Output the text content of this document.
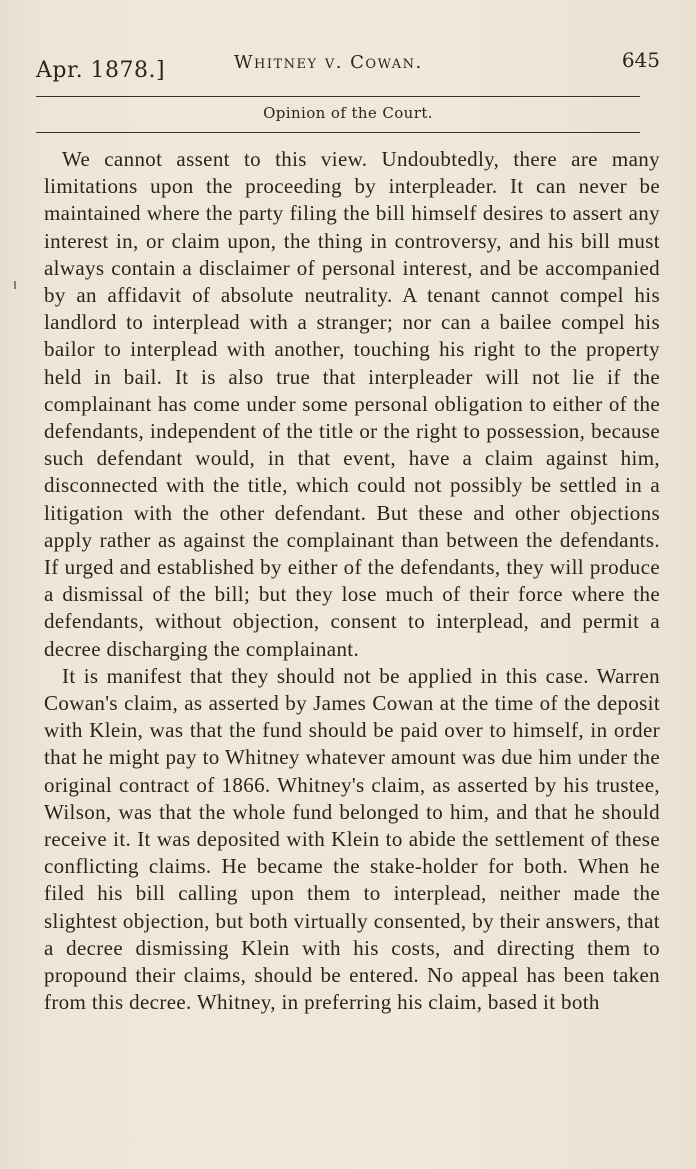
Apr. 1878.]	Whitney v. Cowan.	645
Opinion of the Court.

We cannot assent to this view. Undoubtedly, there are many limitations upon the proceeding by interpleader. It can never be maintained where the party filing the bill himself desires to assert any interest in, or claim upon, the thing in controversy, and his bill must always contain a disclaimer of personal interest, and be accompanied by an affidavit of absolute neutrality. A tenant cannot compel his landlord to interplead with a stranger; nor can a bailee compel his bailor to interplead with another, touching his right to the property held in bail. It is also true that interpleader will not lie if the complainant has come under some personal obligation to either of the defendants, independent of the title or the right to possession, because such defendant would, in that event, have a claim against him, disconnected with the title, which could not possibly be settled in a litigation with the other defendant. But these and other objections apply rather as against the complainant than between the defendants. If urged and established by either of the defendants, they will produce a dismissal of the bill; but they lose much of their force where the defendants, without objection, consent to interplead, and permit a decree discharging the complainant.

It is manifest that they should not be applied in this case. Warren Cowan's claim, as asserted by James Cowan at the time of the deposit with Klein, was that the fund should be paid over to himself, in order that he might pay to Whitney whatever amount was due him under the original contract of 1866. Whitney's claim, as asserted by his trustee, Wilson, was that the whole fund belonged to him, and that he should receive it. It was deposited with Klein to abide the settlement of these conflicting claims. He became the stake-holder for both. When he filed his bill calling upon them to interplead, neither made the slightest objection, but both virtually consented, by their answers, that a decree dismissing Klein with his costs, and directing them to propound their claims, should be entered. No appeal has been taken from this decree. Whitney, in preferring his claim, based it both
